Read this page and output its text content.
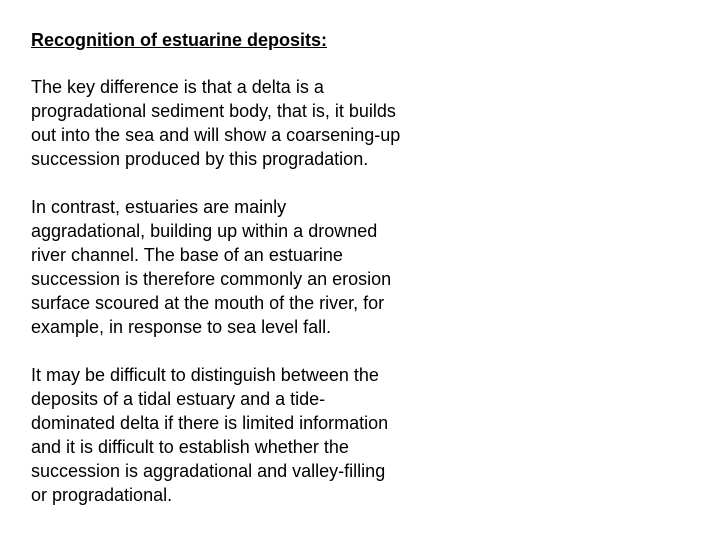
Recognition of estuarine deposits:
The key difference is that a delta is a
progradational sediment body, that is, it builds
out into the sea and will show a coarsening-up
succession produced by this progradation.
In contrast, estuaries are mainly
aggradational, building up within a drowned
river channel. The base of an estuarine
succession is therefore commonly an erosion
surface scoured at the mouth of the river, for
example, in response to sea level fall.
It may be difficult to distinguish between the
deposits of a tidal estuary and a tide-
dominated delta if there is limited information
and it is difficult to establish whether the
succession is aggradational and valley-filling
or progradational.
